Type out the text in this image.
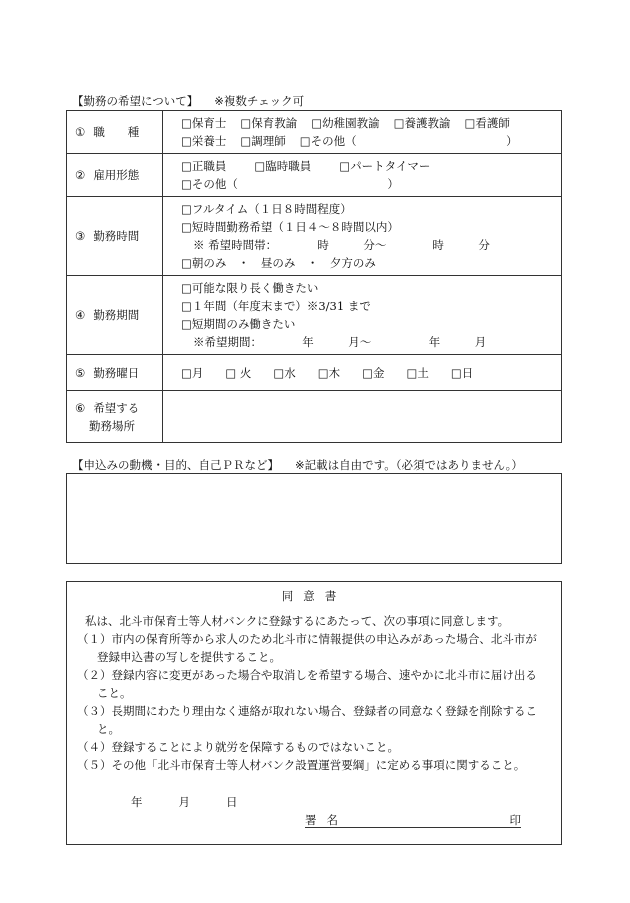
【勤務の希望について】 ※複数チェック可
① 職　　種	□保育士 □保育教諭 □幼稚園教諭 □養護教諭 □看護師
□栄養士 □調理師 □その他（　　　　　　　　　　　　　）

② 雇用形態	□正職員 □臨時職員 □パートタイマー
□その他（　　　　　　　　　　　　　）

③ 勤務時間	□フルタイム（１日８時間程度）
□短時間勤務希望（１日４～８時間以内）
※ 希望時間帯：　　　　時　　　分～　　　　時　　　分
□朝のみ　・　昼のみ　・　夕方のみ

④ 勤務期間	□可能な限り長く働きたい
□１年間（年度末まで）※3/31 まで
□短期間のみ働きたい
※希望期間：　　　　年　　　月～　　　　　年　　　月

⑤ 勤務曜日	□月 □ 火 □水 □木 □金 □土 □日

⑥ 希望する
勤務場所	

【申込みの動機・目的、自己ＰＲなど】 ※記載は自由です。（必須ではありません。）
同意書
私は、北斗市保育士等人材バンクに登録するにあたって、次の事項に同意します。
（１）市内の保育所等から求人のため北斗市に情報提供の申込みがあった場合、北斗市が
登録申込書の写しを提供すること。
（２）登録内容に変更があった場合や取消しを希望する場合、速やかに北斗市に届け出る
こと。
（３）長期間にわたり理由なく連絡が取れない場合、登録者の同意なく登録を削除するこ
と。
（４）登録することにより就労を保障するものではないこと。
（５）その他「北斗市保育士等人材バンク設置運営要綱」に定める事項に関すること。
年	月	日
署名	印
